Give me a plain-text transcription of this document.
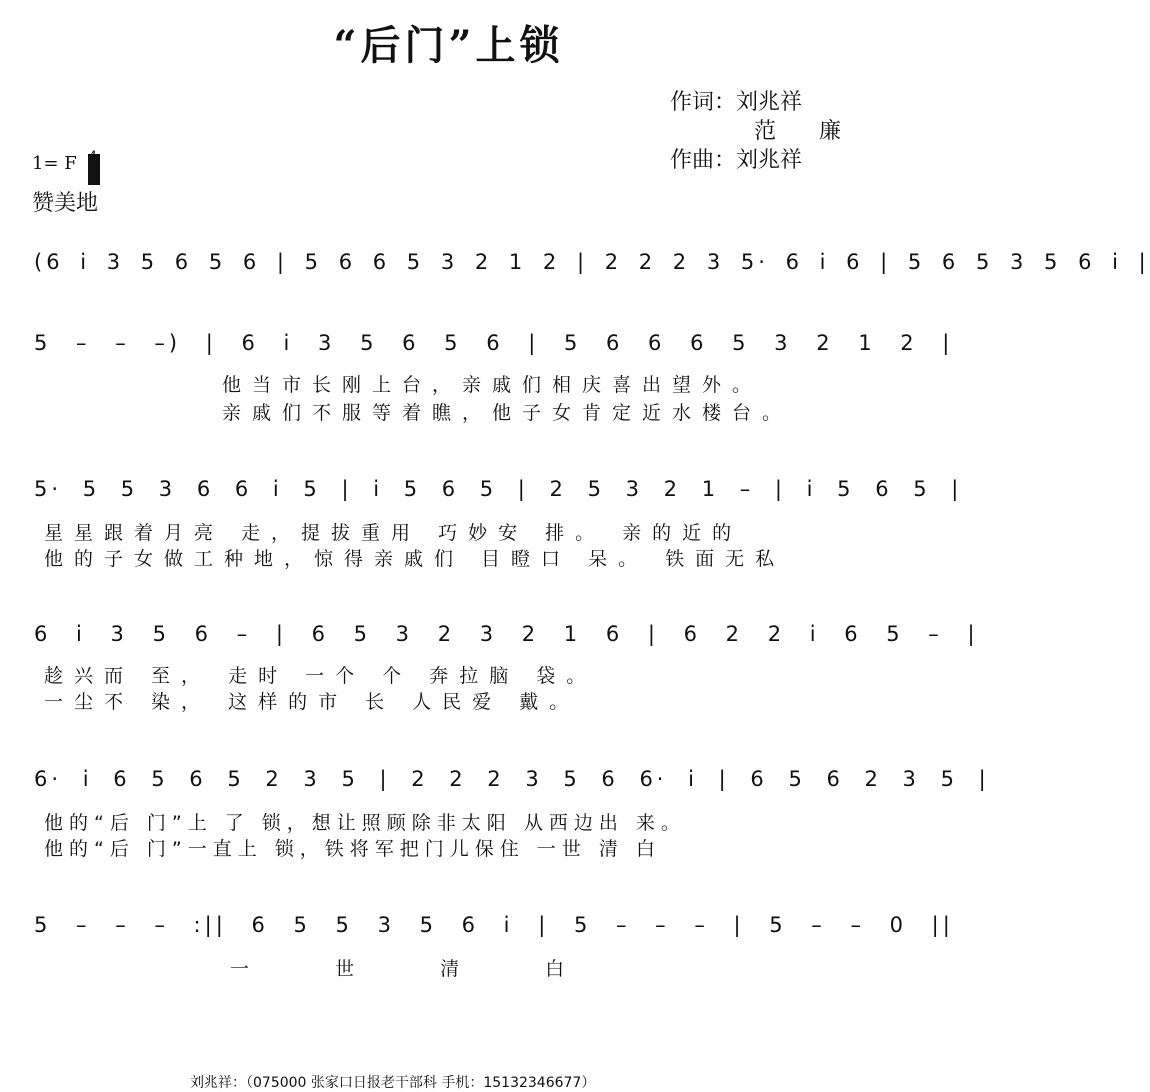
“后门”上锁
作词：刘兆祥
范 廉
作曲：刘兆祥
1= F
赞美地
(6 i 3 5 6 5 6 | 5 6 6 5 3 2 1 2 | 2 2 2 3 5· 6 i 6 | 5 6 5 3 5 6 i |
5 – – –) | 6 i 3 5 6 5 6 | 5 6 6 6 5 3 2 1 2 |
他当市长刚上台，亲戚们相庆喜出望外。
亲戚们不服等着瞧，他子女肯定近水楼台。
5· 5 5 3 6 6 i 5 | i 5 6 5 | 2 5 3 2 1 – | i 5 6 5 |
星星跟着月亮 走，提拔重用 巧妙安 排。 亲的近的
他的子女做工种地，惊得亲戚们 目瞪口 呆。 铁面无私
6 i 3 5 6 – | 6 5 3 2 3 2 1 6 | 6 2 2 i 6 5 – |
趁兴而 至， 走时 一个 个 奔拉脑 袋。
一尘不 染， 这样的市 长 人民爱 戴。
6· i 6 5 6 5 2 3 5 | 2 2 2 3 5 6 6· i | 6 5 6 2 3 5 |
他的“后 门”上 了 锁，想让照顾除非太阳 从西边出 来。
他的“后 门”一直上 锁，铁将军把门儿保住 一世 清 白
5 – – – :|| 6 5 5 3 5 6 i | 5 – – – | 5 – – 0 ||
一 世 清 白
刘兆祥：（075000 张家口日报老干部科 手机：15132346677）
